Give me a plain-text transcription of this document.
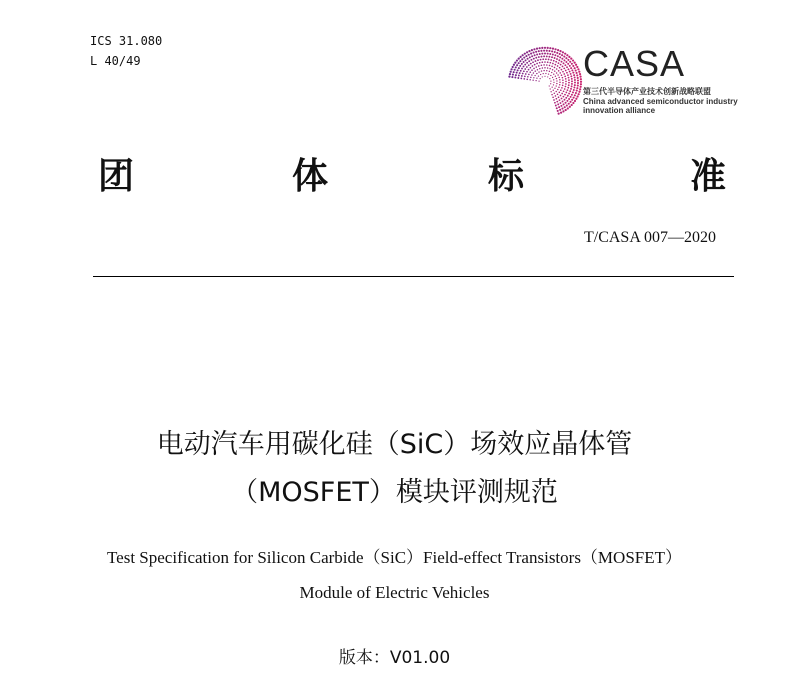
ICS 31.080
L 40/49	CASA
第三代半导体产业技术创新战略联盟
China advanced semiconductor industry
innovation alliance
团	体	标	准
T/CASA 007—2020
电动汽车用碳化硅（SiC）场效应晶体管
（MOSFET）模块评测规范
Test Specification for Silicon Carbide（SiC）Field-effect Transistors（MOSFET）
Module of Electric Vehicles
版本：V01.00
